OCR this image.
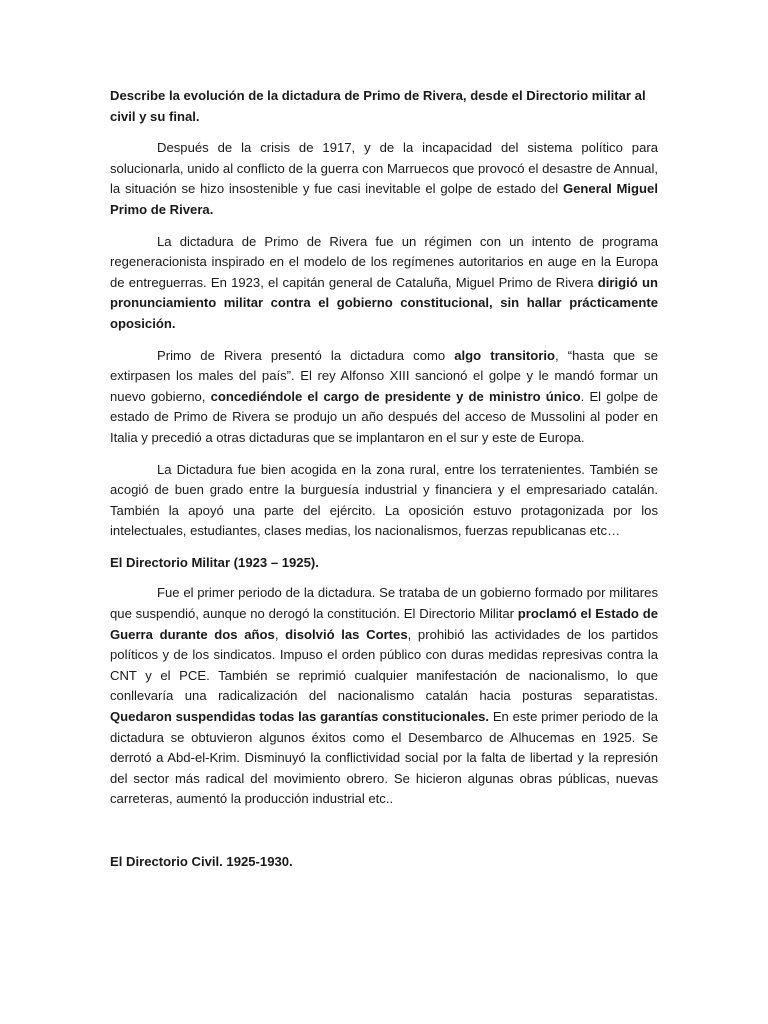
Describe la evolución de la dictadura de Primo de Rivera, desde el Directorio militar al civil y su final.

Después de la crisis de 1917, y de la incapacidad del sistema político para solucionarla, unido al conflicto de la guerra con Marruecos que provocó el desastre de Annual, la situación se hizo insostenible y fue casi inevitable el golpe de estado del General Miguel Primo de Rivera.

La dictadura de Primo de Rivera fue un régimen con un intento de programa regeneracionista inspirado en el modelo de los regímenes autoritarios en auge en la Europa de entreguerras. En 1923, el capitán general de Cataluña, Miguel Primo de Rivera dirigió un pronunciamiento militar contra el gobierno constitucional, sin hallar prácticamente oposición.

Primo de Rivera presentó la dictadura como algo transitorio, “hasta que se extirpasen los males del país”. El rey Alfonso XIII sancionó el golpe y le mandó formar un nuevo gobierno, concediéndole el cargo de presidente y de ministro único. El golpe de estado de Primo de Rivera se produjo un año después del acceso de Mussolini al poder en Italia y precedió a otras dictaduras que se implantaron en el sur y este de Europa.

La Dictadura fue bien acogida en la zona rural, entre los terratenientes. También se acogió de buen grado entre la burguesía industrial y financiera y el empresariado catalán. También la apoyó una parte del ejército. La oposición estuvo protagonizada por los intelectuales, estudiantes, clases medias, los nacionalismos, fuerzas republicanas etc…

El Directorio Militar (1923 – 1925).

Fue el primer periodo de la dictadura. Se trataba de un gobierno formado por militares que suspendió, aunque no derogó la constitución. El Directorio Militar proclamó el Estado de Guerra durante dos años, disolvió las Cortes, prohibió las actividades de los partidos políticos y de los sindicatos. Impuso el orden público con duras medidas represivas contra la CNT y el PCE. También se reprimió cualquier manifestación de nacionalismo, lo que conllevaría una radicalización del nacionalismo catalán hacia posturas separatistas. Quedaron suspendidas todas las garantías constitucionales. En este primer periodo de la dictadura se obtuvieron algunos éxitos como el Desembarco de Alhucemas en 1925. Se derrotó a Abd-el-Krim. Disminuyó la conflictividad social por la falta de libertad y la represión del sector más radical del movimiento obrero. Se hicieron algunas obras públicas, nuevas carreteras, aumentó la producción industrial etc..

El Directorio Civil. 1925-1930.
